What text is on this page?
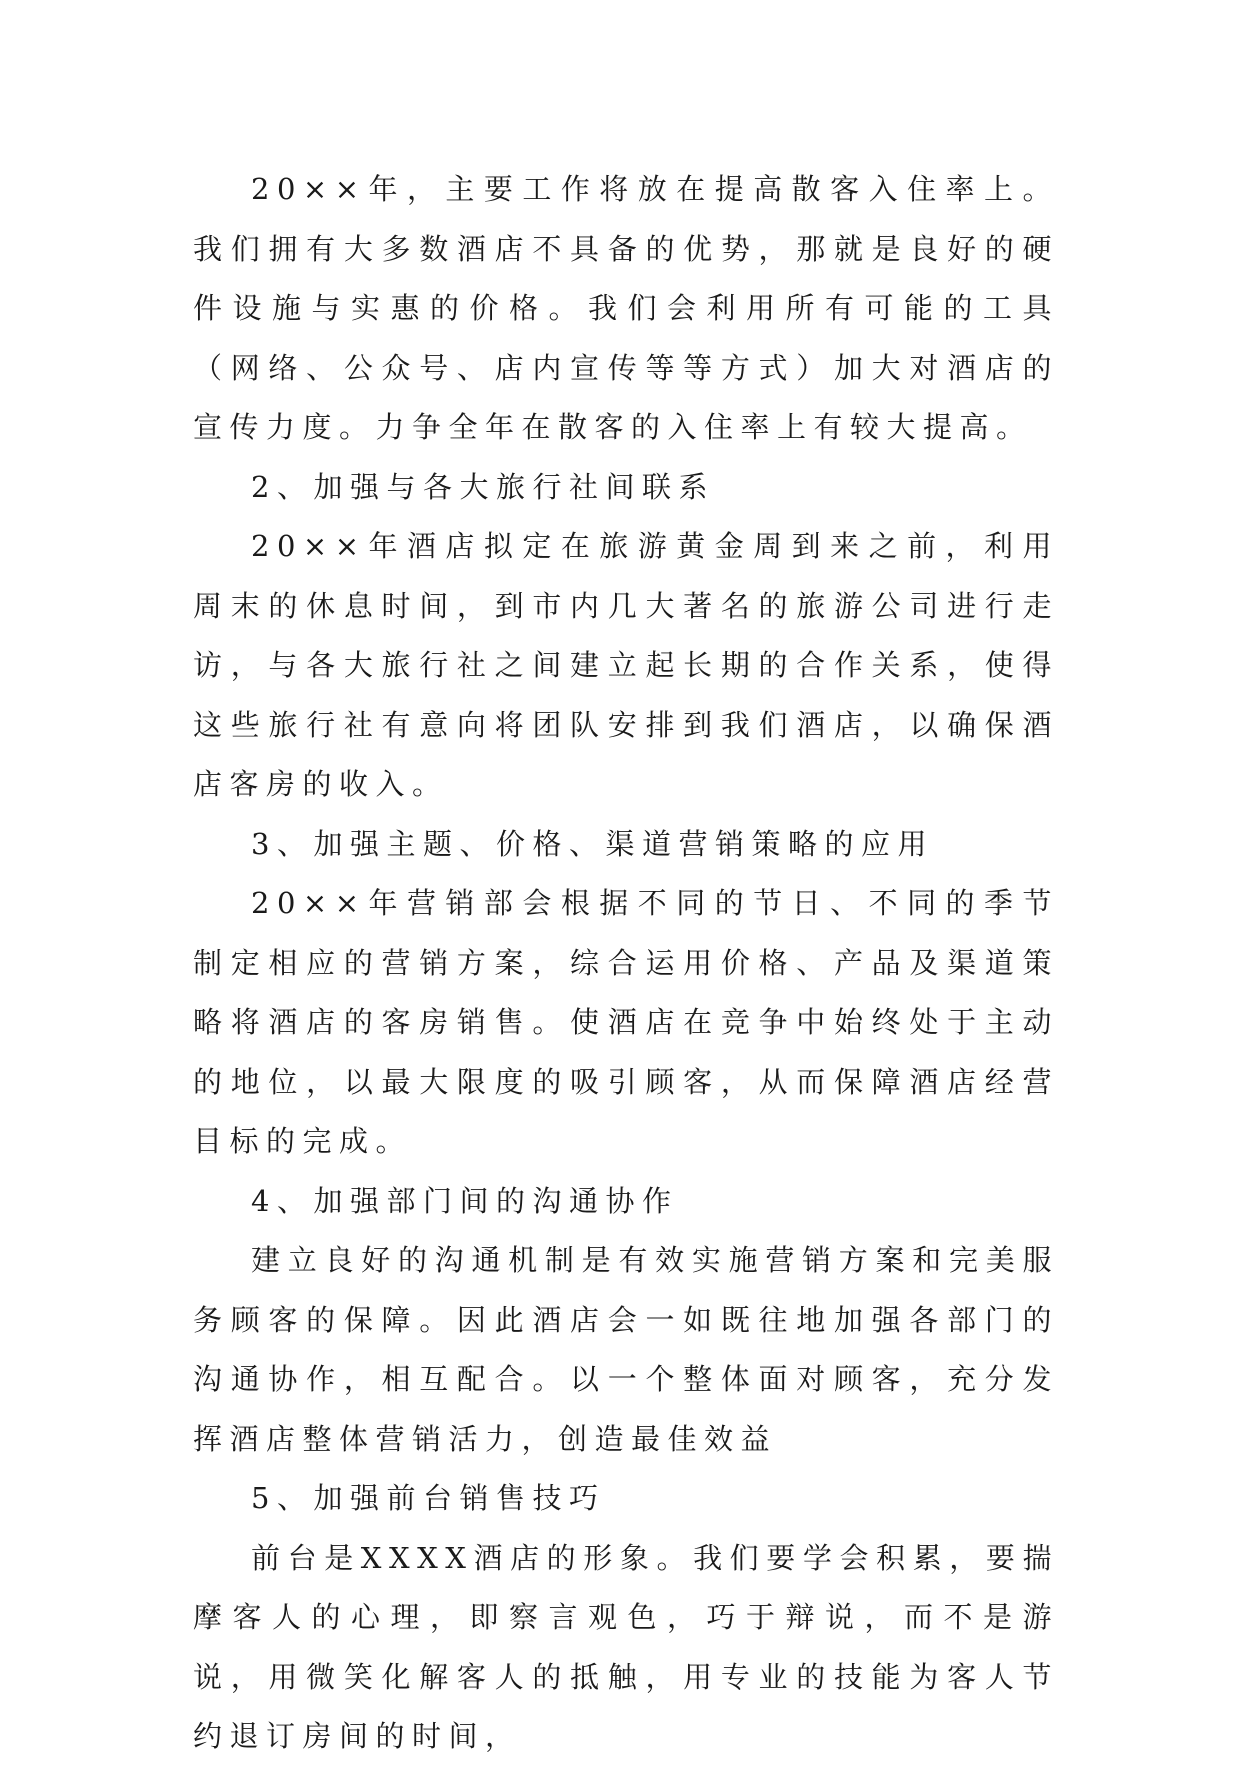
20××年，主要工作将放在提高散客入住率上。我们拥有大多数酒店不具备的优势，那就是良好的硬件设施与实惠的价格。我们会利用所有可能的工具（网络、公众号、店内宣传等等方式）加大对酒店的宣传力度。力争全年在散客的入住率上有较大提高。

2、加强与各大旅行社间联系

20××年酒店拟定在旅游黄金周到来之前，利用周末的休息时间，到市内几大著名的旅游公司进行走访，与各大旅行社之间建立起长期的合作关系，使得这些旅行社有意向将团队安排到我们酒店，以确保酒店客房的收入。

3、加强主题、价格、渠道营销策略的应用

20××年营销部会根据不同的节日、不同的季节制定相应的营销方案，综合运用价格、产品及渠道策略将酒店的客房销售。使酒店在竞争中始终处于主动的地位，以最大限度的吸引顾客，从而保障酒店经营目标的完成。

4、加强部门间的沟通协作

建立良好的沟通机制是有效实施营销方案和完美服务顾客的保障。因此酒店会一如既往地加强各部门的沟通协作，相互配合。以一个整体面对顾客，充分发挥酒店整体营销活力，创造最佳效益

5、加强前台销售技巧

前台是XXXX酒店的形象。我们要学会积累，要揣摩客人的心理，即察言观色，巧于辩说，而不是游说，用微笑化解客人的抵触，用专业的技能为客人节约退订房间的时间，
